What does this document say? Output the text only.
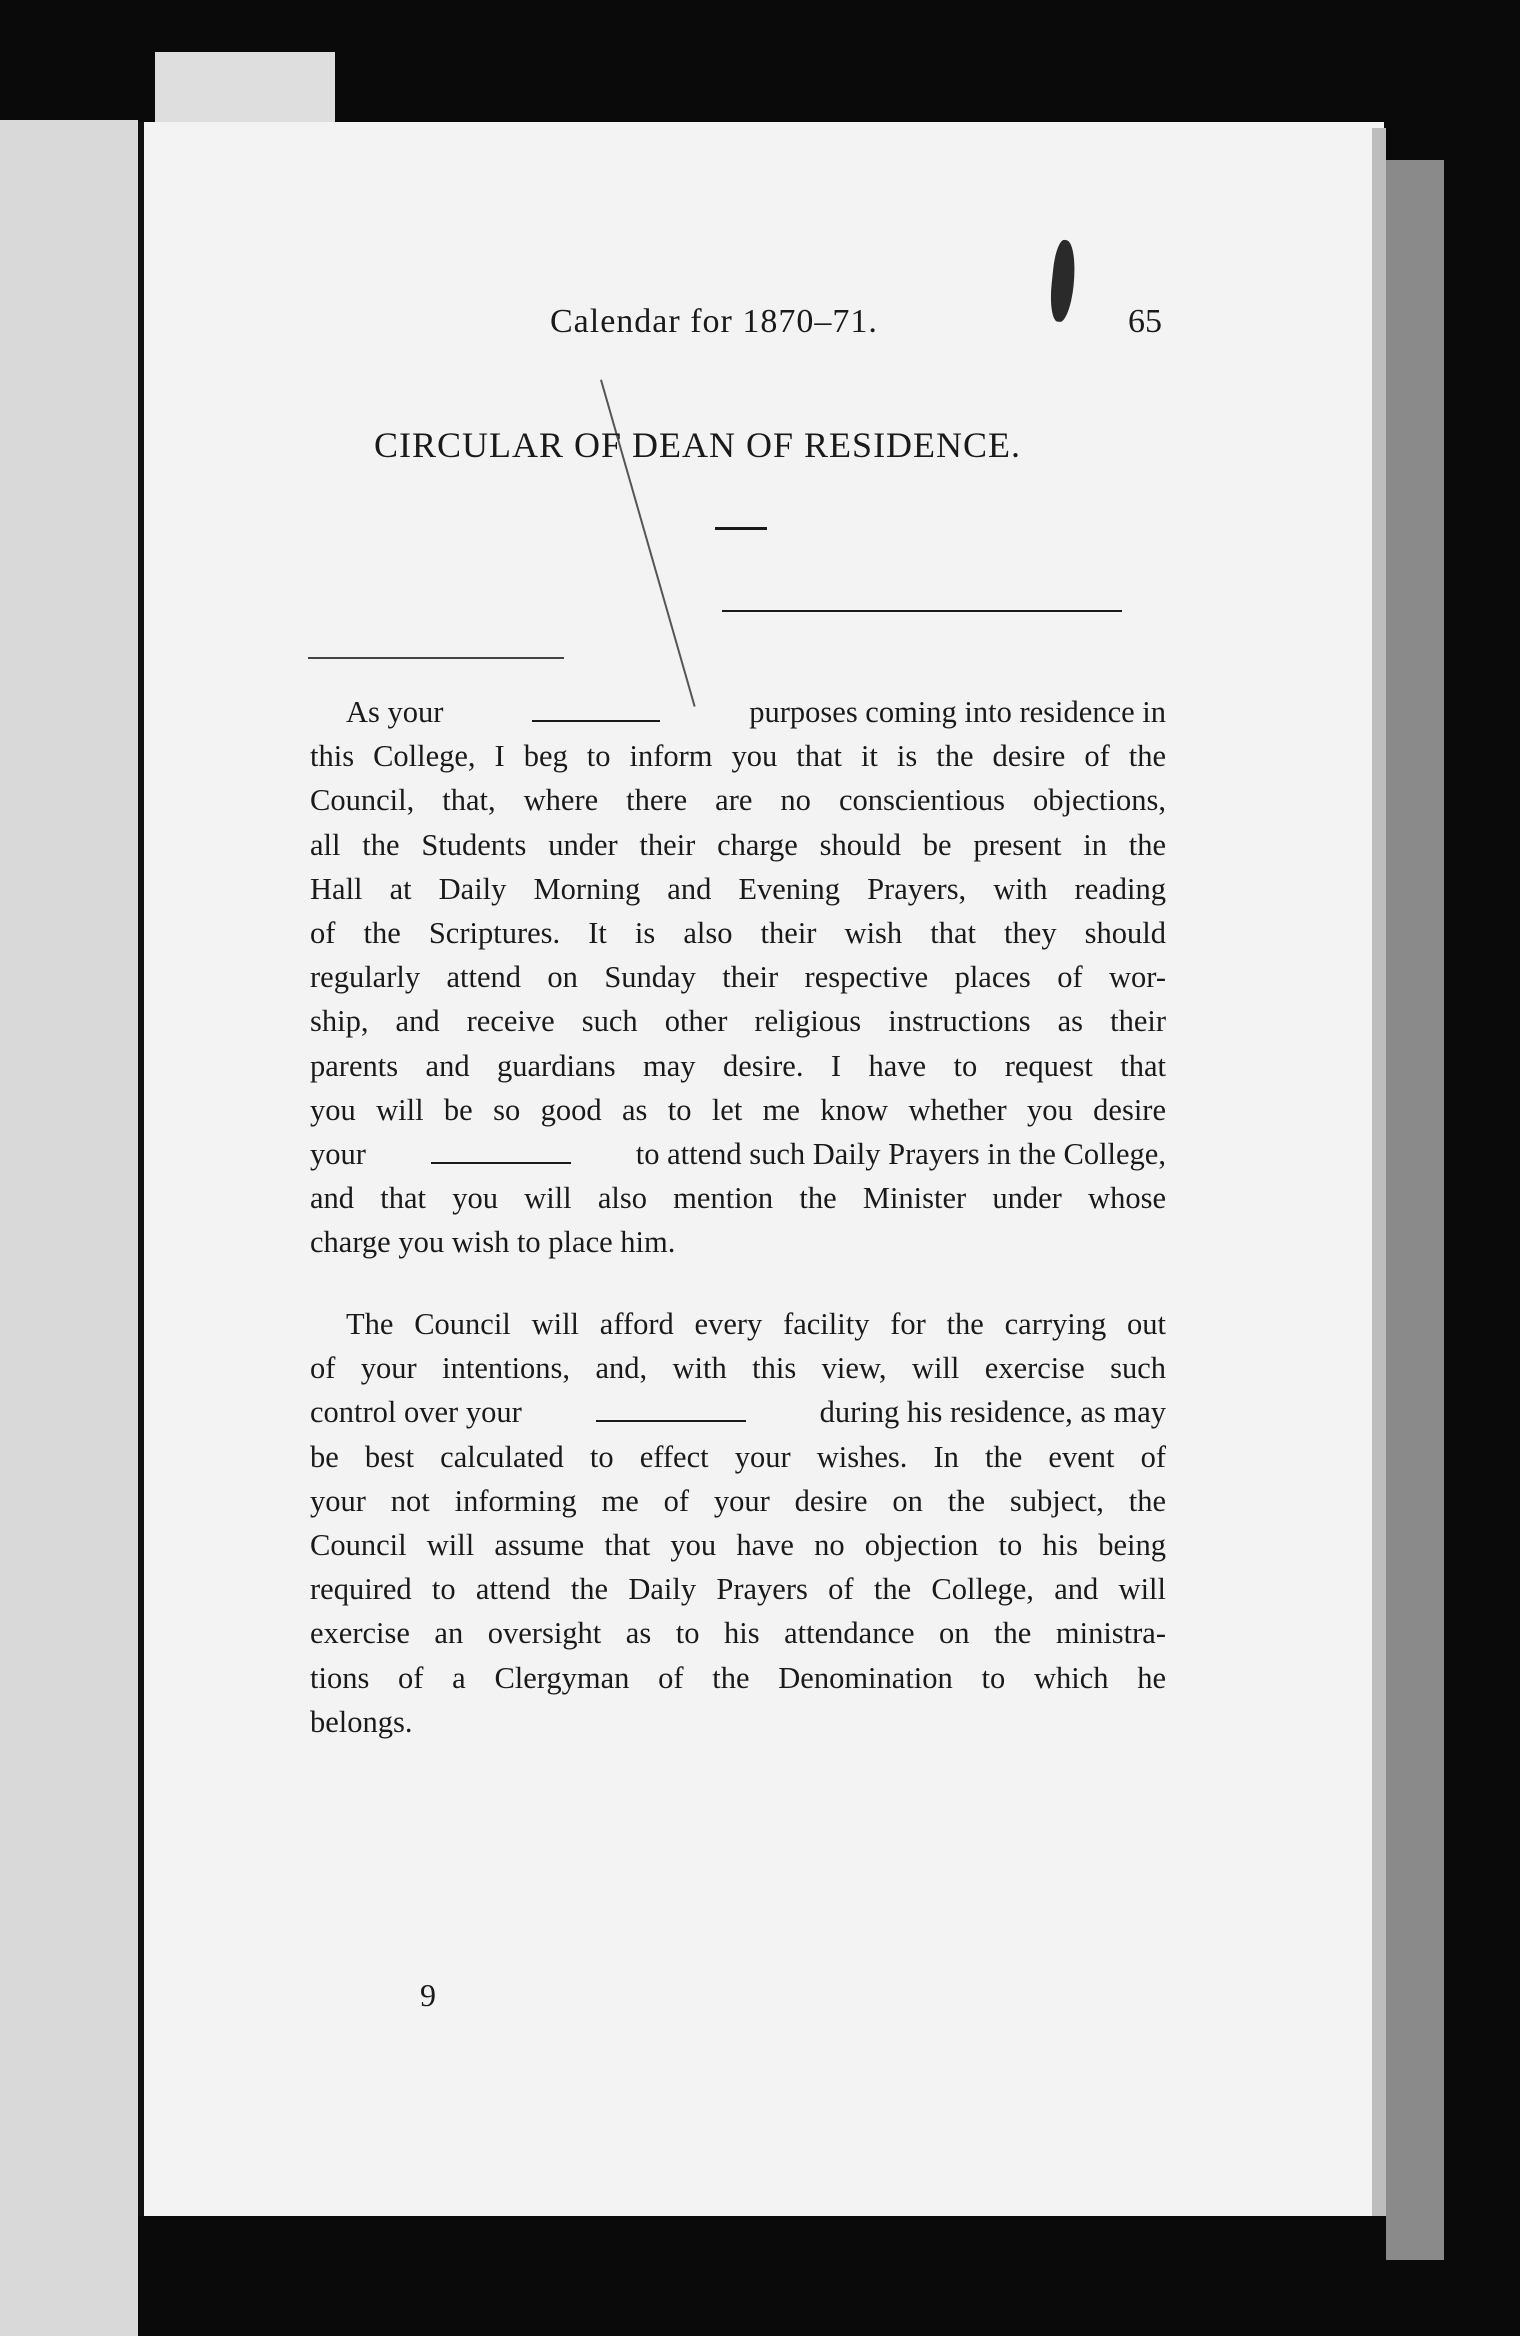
Calendar for 1870–71.	65
CIRCULAR OF DEAN OF RESIDENCE.

As your	purposes coming into residence in
this College, I beg to inform you that it is the desire of the
Council, that, where there are no conscientious objections,
all the Students under their charge should be present in the
Hall at Daily Morning and Evening Prayers, with reading
of the Scriptures. It is also their wish that they should
regularly attend on Sunday their respective places of wor-
ship, and receive such other religious instructions as their
parents and guardians may desire. I have to request that
you will be so good as to let me know whether you desire
your	to attend such Daily Prayers in the College,
and that you will also mention the Minister under whose
charge you wish to place him.

The Council will afford every facility for the carrying out
of your intentions, and, with this view, will exercise such
control over your	during his residence, as may
be best calculated to effect your wishes. In the event of
your not informing me of your desire on the subject, the
Council will assume that you have no objection to his being
required to attend the Daily Prayers of the College, and will
exercise an oversight as to his attendance on the ministra-
tions of a Clergyman of the Denomination to which he
belongs.

9
